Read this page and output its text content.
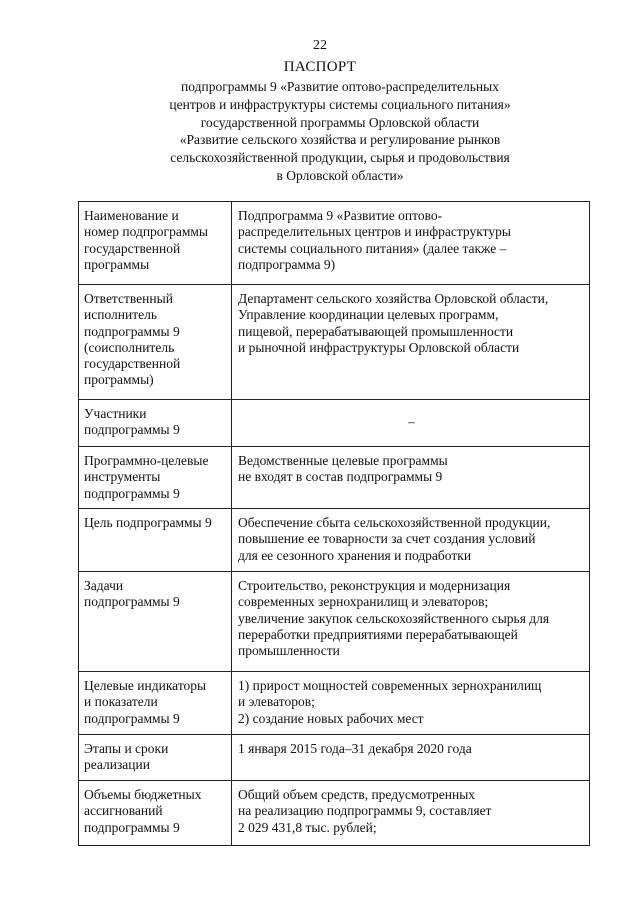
22
ПАСПОРТ
подпрограммы 9 «Развитие оптово-распределительных
центров и инфраструктуры системы социального питания»
государственной программы Орловской области
«Развитие сельского хозяйства и регулирование рынков
сельскохозяйственной продукции, сырья и продовольствия
в Орловской области»
Наименование и
номер подпрограммы
государственной
программы
Подпрограмма 9 «Развитие оптово-
распределительных центров и инфраструктуры
системы социального питания» (далее также –
подпрограмма 9)
Ответственный
исполнитель
подпрограммы 9
(соисполнитель
государственной
программы)
Департамент сельского хозяйства Орловской области,
Управление координации целевых программ,
пищевой, перерабатывающей промышленности
и рыночной инфраструктуры Орловской области
Участники
подпрограммы 9
–
Программно-целевые
инструменты
подпрограммы 9
Ведомственные целевые программы
не входят в состав подпрограммы 9
Цель подпрограммы 9	Обеспечение сбыта сельскохозяйственной продукции,
повышение ее товарности за счет создания условий
для ее сезонного хранения и подработки
Задачи
подпрограммы 9
Строительство, реконструкция и модернизация
современных зернохранилищ и элеваторов;
увеличение закупок сельскохозяйственного сырья для
переработки предприятиями перерабатывающей
промышленности
Целевые индикаторы
и показатели
подпрограммы 9
1) прирост мощностей современных зернохранилищ
и элеваторов;
2) создание новых рабочих мест
Этапы и сроки
реализации
1 января 2015 года–31 декабря 2020 года
Объемы бюджетных
ассигнований
подпрограммы 9
Общий объем средств, предусмотренных
на реализацию подпрограммы 9, составляет
2 029 431,8 тыс. рублей;
